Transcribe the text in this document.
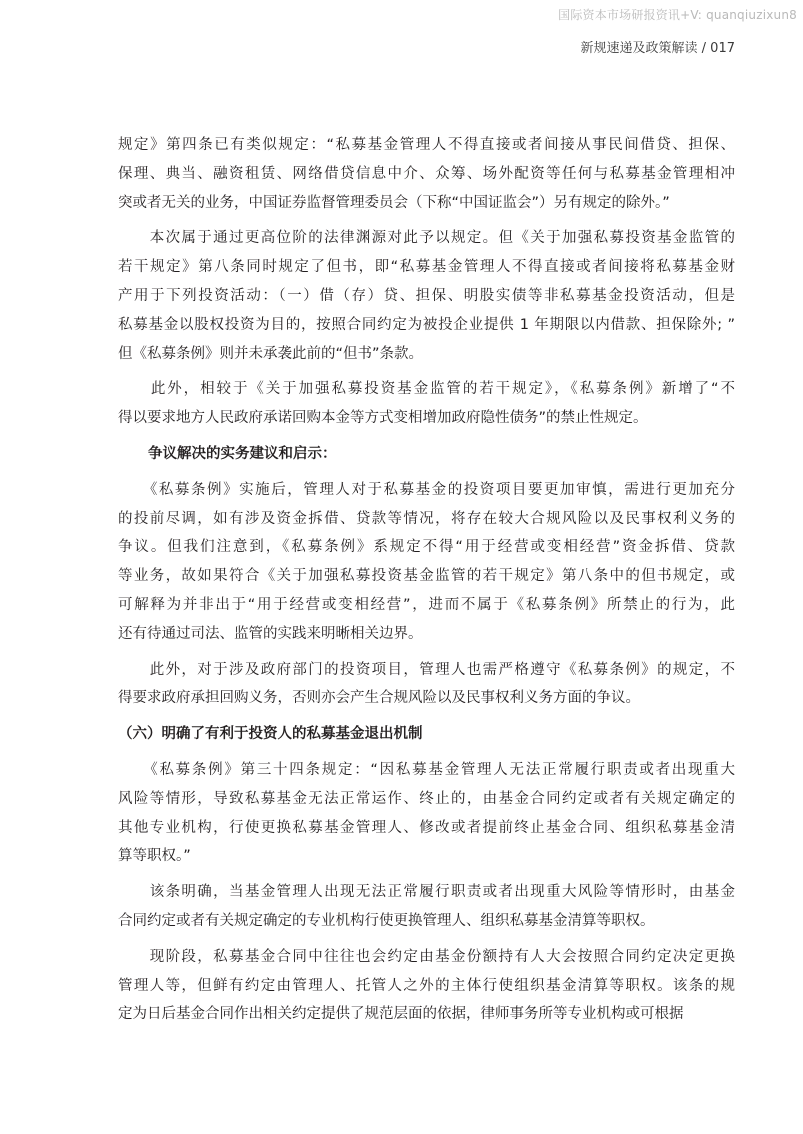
国际资本市场研报资讯+V: quanqiuzixun8
新规速递及政策解读 / 017
规定》第四条已有类似规定：“私募基金管理人不得直接或者间接从事民间借贷、担保、
保理、典当、融资租赁、网络借贷信息中介、众筹、场外配资等任何与私募基金管理相冲
突或者无关的业务，中国证券监督管理委员会（下称“中国证监会”）另有规定的除外。”
　　本次属于通过更高位阶的法律渊源对此予以规定。但《关于加强私募投资基金监管的
若干规定》第八条同时规定了但书，即“私募基金管理人不得直接或者间接将私募基金财
产用于下列投资活动：（一）借（存）贷、担保、明股实债等非私募基金投资活动，但是
私募基金以股权投资为目的，按照合同约定为被投企业提供 1 年期限以内借款、担保除外; ”
但《私募条例》则并未承袭此前的“但书”条款。
　　此外，相较于《关于加强私募投资基金监管的若干规定》，《私募条例》新增了“不
得以要求地方人民政府承诺回购本金等方式变相增加政府隐性债务”的禁止性规定。
争议解决的实务建议和启示：
　　《私募条例》实施后，管理人对于私募基金的投资项目要更加审慎，需进行更加充分
的投前尽调，如有涉及资金拆借、贷款等情况，将存在较大合规风险以及民事权利义务的
争议。但我们注意到，《私募条例》系规定不得“用于经营或变相经营”资金拆借、贷款
等业务，故如果符合《关于加强私募投资基金监管的若干规定》第八条中的但书规定，或
可解释为并非出于“用于经营或变相经营”，进而不属于《私募条例》所禁止的行为，此
还有待通过司法、监管的实践来明晰相关边界。
　　此外，对于涉及政府部门的投资项目，管理人也需严格遵守《私募条例》的规定，不
得要求政府承担回购义务，否则亦会产生合规风险以及民事权利义务方面的争议。
（六）明确了有利于投资人的私募基金退出机制
　　《私募条例》第三十四条规定：“因私募基金管理人无法正常履行职责或者出现重大
风险等情形，导致私募基金无法正常运作、终止的，由基金合同约定或者有关规定确定的
其他专业机构，行使更换私募基金管理人、修改或者提前终止基金合同、组织私募基金清
算等职权。”
　　该条明确，当基金管理人出现无法正常履行职责或者出现重大风险等情形时，由基金
合同约定或者有关规定确定的专业机构行使更换管理人、组织私募基金清算等职权。
　　现阶段，私募基金合同中往往也会约定由基金份额持有人大会按照合同约定决定更换
管理人等，但鲜有约定由管理人、托管人之外的主体行使组织基金清算等职权。该条的规
定为日后基金合同作出相关约定提供了规范层面的依据，律师事务所等专业机构或可根据
